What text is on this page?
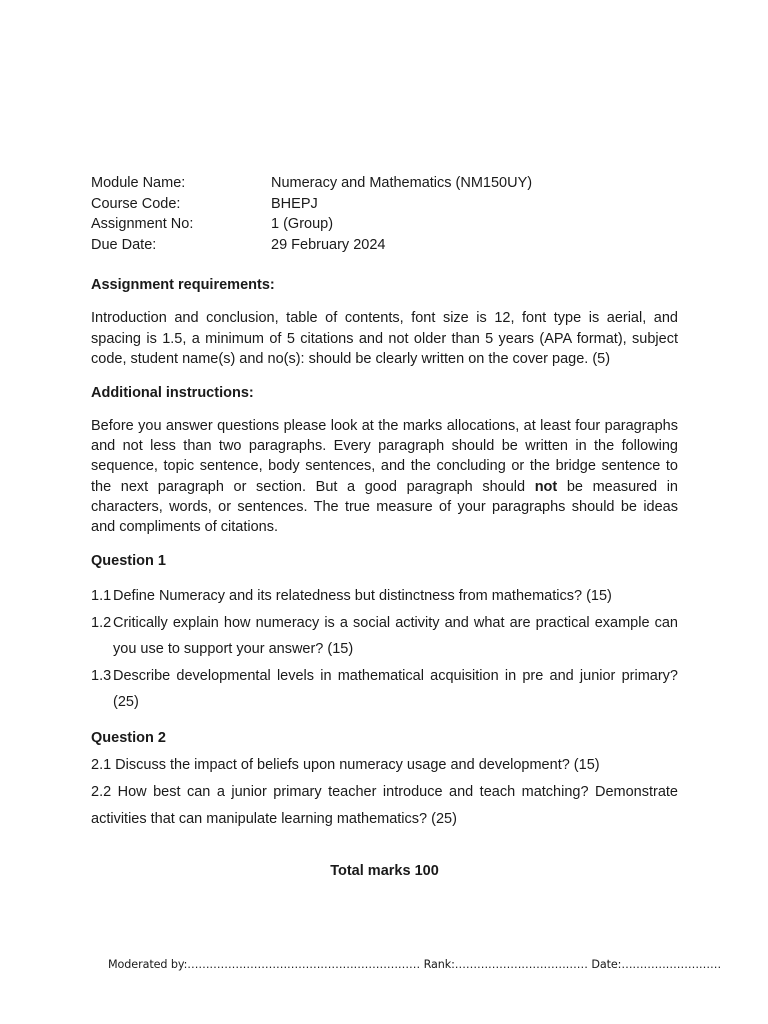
Module Name:	Numeracy and Mathematics (NM150UY)
Course Code:	BHEPJ
Assignment No:	1 (Group)
Due Date:	29 February 2024
Assignment requirements:

Introduction and conclusion, table of contents, font size is 12, font type is aerial, and spacing is 1.5, a minimum of 5 citations and not older than 5 years (APA format), subject code, student name(s) and no(s): should be clearly written on the cover page. (5)

Additional instructions:

Before you answer questions please look at the marks allocations, at least four paragraphs and not less than two paragraphs. Every paragraph should be written in the following sequence, topic sentence, body sentences, and the concluding or the bridge sentence to the next paragraph or section. But a good paragraph should not be measured in characters, words, or sentences. The true measure of your paragraphs should be ideas and compliments of citations.

Question 1
1.1 Define Numeracy and its relatedness but distinctness from mathematics? (15)
1.2 Critically explain how numeracy is a social activity and what are practical example can you use to support your answer? (15)
1.3 Describe developmental levels in mathematical acquisition in pre and junior primary? (25)
Question 2
2.1 Discuss the impact of beliefs upon numeracy usage and development? (15)
2.2 How best can a junior primary teacher introduce and teach matching? Demonstrate activities that can manipulate learning mathematics? (25)
Total marks 100
Moderated by:……………………………………………………… Rank:……………………………… Date:………………………
